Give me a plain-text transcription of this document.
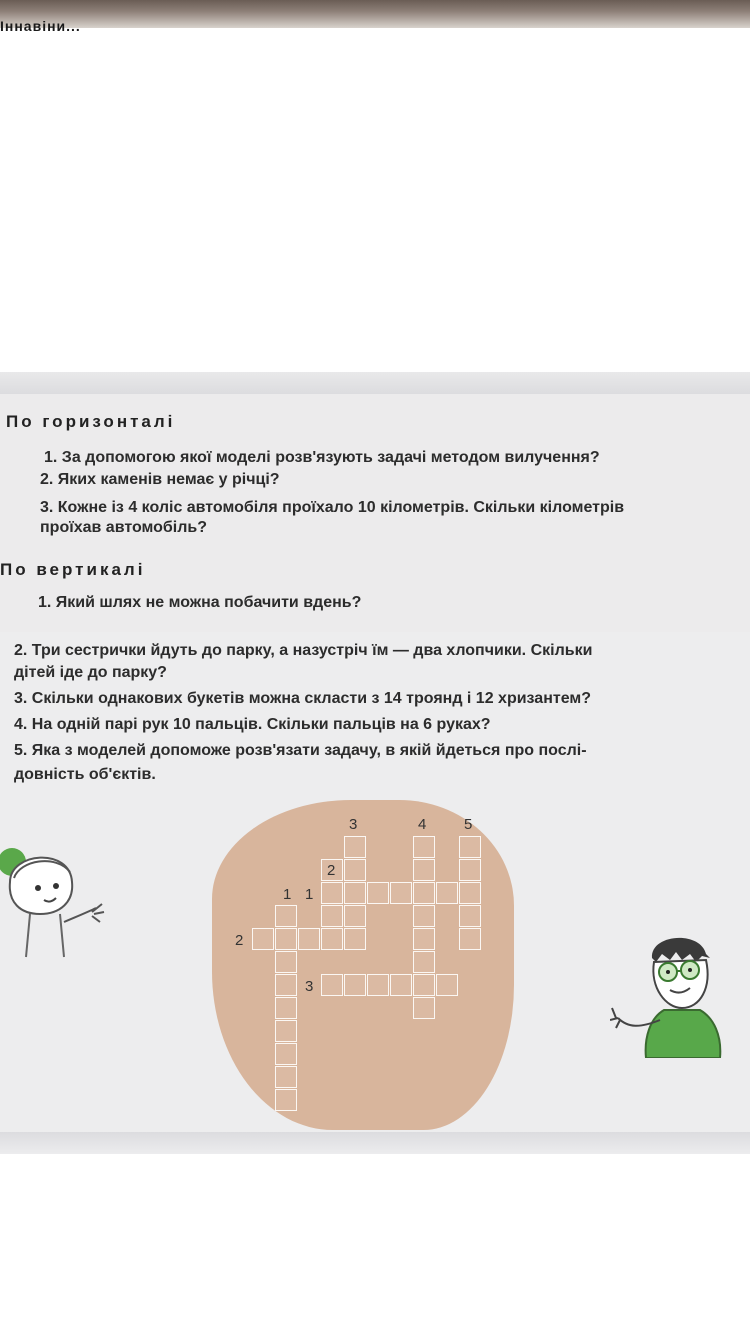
Іннавіни...
По горизонталі
1. За допомогою якої моделі розв'язують задачі методом вилучення?
2. Яких каменів немає у річці?
3. Кожне із 4 коліс автомобіля проїхало 10 кілометрів. Скільки кілометрів
проїхав автомобіль?
По вертикалі
1. Який шлях не можна побачити вдень?
2. Три сестрички йдуть до парку, а назустріч їм — два хлопчики. Скільки
дітей іде до парку?
3. Скільки однакових букетів можна скласти з 14 троянд і 12 хризантем?
4. На одній парі рук 10 пальців. Скільки пальців на 6 руках?
5. Яка з моделей допоможе розв'язати задачу, в якій йдеться про послі-
довність об'єктів.
3	4	5
2
1 1
2
3
